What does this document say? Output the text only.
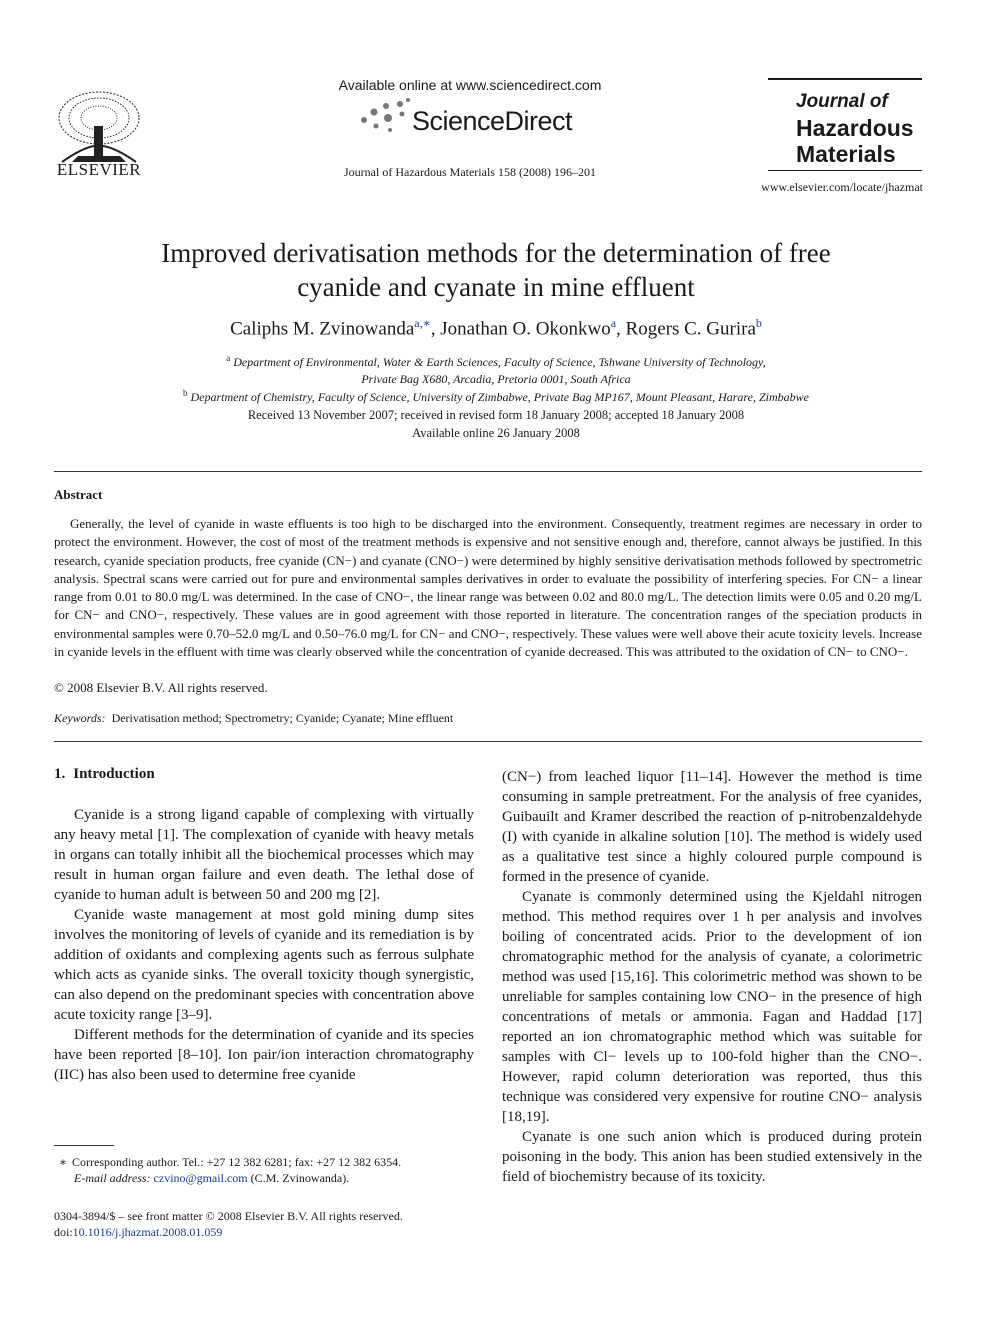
ELSEVIER
Available online at www.sciencedirect.com
ScienceDirect
Journal of Hazardous Materials 158 (2008) 196–201
Journal of
Hazardous
Materials
www.elsevier.com/locate/jhazmat
Improved derivatisation methods for the determination of free
cyanide and cyanate in mine effluent
Caliphs M. Zvinowanda$^{a,∗}$, Jonathan O. Okonkwo$^a$, Rogers C. Gurira$^b$
$^a$ Department of Environmental, Water & Earth Sciences, Faculty of Science, Tshwane University of Technology,
Private Bag X680, Arcadia, Pretoria 0001, South Africa
$^b$ Department of Chemistry, Faculty of Science, University of Zimbabwe, Private Bag MP167, Mount Pleasant, Harare, Zimbabwe
Received 13 November 2007; received in revised form 18 January 2008; accepted 18 January 2008
Available online 26 January 2008
Abstract

Generally, the level of cyanide in waste effluents is too high to be discharged into the environment. Consequently, treatment regimes are necessary in order to protect the environment. However, the cost of most of the treatment methods is expensive and not sensitive enough and, therefore, cannot always be justified. In this research, cyanide speciation products, free cyanide (CN−) and cyanate (CNO−) were determined by highly sensitive derivatisation methods followed by spectrometric analysis. Spectral scans were carried out for pure and environmental samples derivatives in order to evaluate the possibility of interfering species. For CN− a linear range from 0.01 to 80.0 mg/L was determined. In the case of CNO−, the linear range was between 0.02 and 80.0 mg/L. The detection limits were 0.05 and 0.20 mg/L for CN− and CNO−, respectively. These values are in good agreement with those reported in literature. The concentration ranges of the speciation products in environmental samples were 0.70–52.0 mg/L and 0.50–76.0 mg/L for CN− and CNO−, respectively. These values were well above their acute toxicity levels. Increase in cyanide levels in the effluent with time was clearly observed while the concentration of cyanide decreased. This was attributed to the oxidation of CN− to CNO−.

© 2008 Elsevier B.V. All rights reserved.
Keywords: Derivatisation method; Spectrometry; Cyanide; Cyanate; Mine effluent
1. Introduction

Cyanide is a strong ligand capable of complexing with virtually any heavy metal [1]. The complexation of cyanide with heavy metals in organs can totally inhibit all the biochemical processes which may result in human organ failure and even death. The lethal dose of cyanide to human adult is between 50 and 200 mg [2].

Cyanide waste management at most gold mining dump sites involves the monitoring of levels of cyanide and its remediation is by addition of oxidants and complexing agents such as ferrous sulphate which acts as cyanide sinks. The overall toxicity though synergistic, can also depend on the predominant species with concentration above acute toxicity range [3–9].

Different methods for the determination of cyanide and its species have been reported [8–10]. Ion pair/ion interaction chromatography (IIC) has also been used to determine free cyanide

(CN−) from leached liquor [11–14]. However the method is time consuming in sample pretreatment. For the analysis of free cyanides, Guibauilt and Kramer described the reaction of p-nitrobenzaldehyde (I) with cyanide in alkaline solution [10]. The method is widely used as a qualitative test since a highly coloured purple compound is formed in the presence of cyanide.

Cyanate is commonly determined using the Kjeldahl nitrogen method. This method requires over 1 h per analysis and involves boiling of concentrated acids. Prior to the development of ion chromatographic method for the analysis of cyanate, a colorimetric method was used [15,16]. This colorimetric method was shown to be unreliable for samples containing low CNO− in the presence of high concentrations of metals or ammonia. Fagan and Haddad [17] reported an ion chromatographic method which was suitable for samples with Cl− levels up to 100-fold higher than the CNO−. However, rapid column deterioration was reported, thus this technique was considered very expensive for routine CNO− analysis [18,19].

Cyanate is one such anion which is produced during protein poisoning in the body. This anion has been studied extensively in the field of biochemistry because of its toxicity.

∗ Corresponding author. Tel.: +27 12 382 6281; fax: +27 12 382 6354.
E-mail address: czvino@gmail.com (C.M. Zvinowanda).
0304-3894/$ – see front matter © 2008 Elsevier B.V. All rights reserved.
doi:10.1016/j.jhazmat.2008.01.059
